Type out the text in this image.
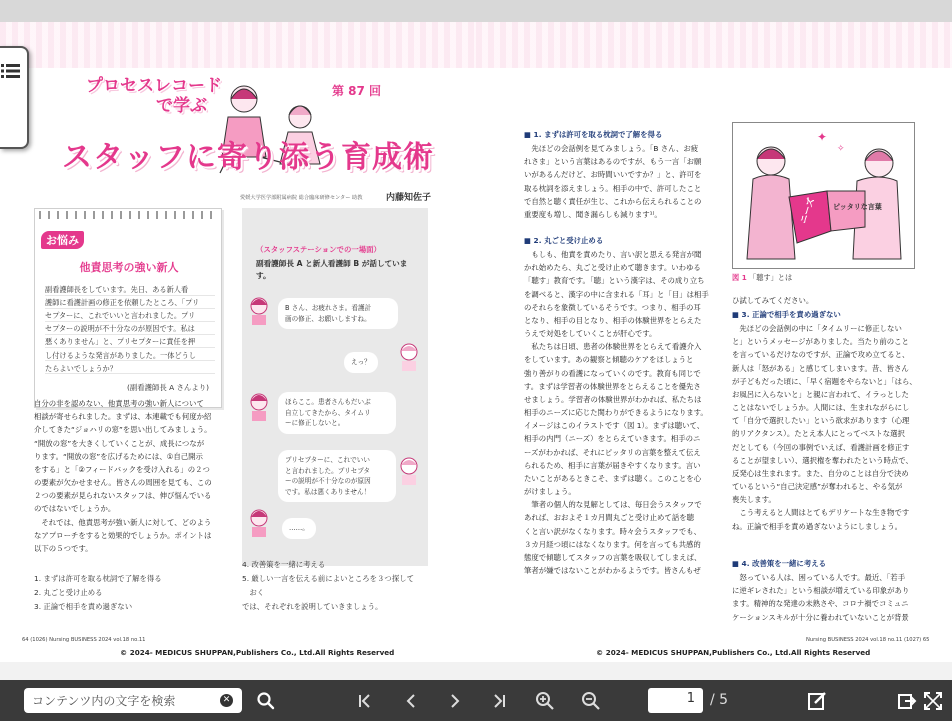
プロセスレコード
で学ぶ
第 87 回
スタッフに寄り添う育成術
愛媛大学医学部附属病院 総合臨床研修センター 助教	内藤知佐子
お悩み
他責思考の強い新人
副看護師長をしています。先日、ある新人看
護師に看護計画の修正を依頼したところ、「プリ
セプターに、これでいいと言われました。プリ
セプターの説明が不十分なのが原因です。私は
悪くありません」と、プリセプターに責任を押
し付けるような発言がありました。一体どうし
たらよいでしょうか？
(副看護師長 A さんより)
（スタッフステーションでの一場面）
副看護師長 A と新人看護師 B が話していま す。
B さん、お疲れさま。看護計
画の修正、お願いしますね。
えっ？
ほらここ。患者さんもだいぶ
自立してきたから、タイムリ
ーに修正しないと。
プリセプターに、これでいい
と言われました。プリセプタ
ーの説明が不十分なのが原因
です。私は悪くありません！
……。
自分の非を認めない、他責思考の強い新人について
相談が寄せられました。まずは、本連載でも何度か紹
介してきた“ジョハリの窓”を思い出してみましょう。
“開放の窓”を大きくしていくことが、成長につなが
ります。“開放の窓”を広げるためには、①自己開示
をする」と「②フィードバックを受け入れる」の２つ
の要素が欠かせません。皆さんの周囲を見ても、この
２つの要素が見られないスタッフは、伸び悩んでいる
のではないでしょうか。
　それでは、他責思考が強い新人に対して、どのよう
なアプローチをすると効果的でしょうか。ポイントは
以下の５つです。
1. まずは許可を取る枕詞で了解を得る
2. 丸ごと受け止める
3. 正論で相手を責め過ぎない
4. 改善策を一緒に考える
5. 厳しい一言を伝える前によいところを３つ探して
　おく
では、それぞれを説明していきましょう。
64 (1026) Nursing BUSINESS 2024 vol.18 no.11
© 2024- MEDICUS SHUPPAN,Publishers Co., Ltd.All Rights Reserved
■ 1. まずは許可を取る枕詞で了解を得る
　先ほどの会話例を見てみましょう。「B さん、お疲
れさま」という言葉はあるのですが、もう一言「お願
いがあるんだけど、お時間いいですか？」と、許可を
取る枕詞を添えましょう。相手の中で、許可したこと
で自然と聴く責任が生じ、これから伝えられることの
重要度も増し、聞き漏らしも減ります¹⁾。
■ 2. 丸ごと受け止める
　もしも、他責を責めたり、言い訳と思える発言が聞
かれ始めたら、丸ごと受け止めて聴きます。いわゆる
「聴す」教育です。「聴」という漢字は、その成り立ち
を調べると、漢字の中に含まれる「耳」と「目」は相手
のそれらを象徴しているそうです。つまり、相手の耳
となり、相手の目となり、相手の体験世界をとらえた
うえで対処をしていくことが肝心です。
　私たちは日頃、患者の体験世界をとらえて看護介入
をしています。あの観察と傾聴のケアをほしょうと
強り善がりの看護になっていくのです。教育も同じで
す。まずは学習者の体験世界をとらえることを優先さ
せましょう。学習者の体験世界がわかれば、私たちは
相手のニーズに応じた関わりができるようになります。
イメージはこのイラストです（図 1）。まずは聴いて、
相手の内門（ニーズ）をとらえていきます。相手のニ
ーズがわかれば、それにピッタリの言葉を整えて伝え
られるため、相手に言葉が届きやすくなります。言い
たいことがあるときこそ、まずは聴く。このことを心
がけましょう。
　筆者の個人的な見解としては、毎日会うスタッフで
あれば、おおよそ１カ月間丸ごと受け止めて話を聴
くと言い訳がなくなります。時々会うスタッフでも、
３カ月経つ頃にはなくなります。何を言っても共感的
態度で傾聴してスタッフの言葉を吸収してしまえば、
筆者が嫌ではないことがわかるようです。皆さんもぜ
ニーズ ピッタリな言葉
✦
✧
図 1 「聴す」とは
ひ試してみてください。
■ 3. 正論で相手を責め過ぎない
　先ほどの会話例の中に「タイムリーに修正しない
と」というメッセージがありました。当たり前のこと
を言っているだけなのですが、正論で攻め立てると、
新人は「怒がある」と感じてしまいます。昔、皆さん
が子どもだった頃に、「早く宿題をやらないと」「はら、
お風呂に入らないと」と親に言われて、イラっとした
ことはないでしょうか。人間には、生まれながらにし
て「自分で選択したい」という欲求があります（心理
的リアクタンス）。たとえ本人にとってベストな選択
だとしても（今回の事例でいえば、看護計画を修正す
ることが望ましい）、選択権を奪われたという時点で、
反発心は生まれます。また、自分のことは自分で決め
ているという“自己決定感”が奪われると、やる気が
喪失します。
　こう考えると人間はとてもデリケートな生き物です
ね。正論で相手を責め過ぎないようにしましょう。
■ 4. 改善策を一緒に考える
　怒っている人は、困っている人です。最近、「若手
に逆ギレされた」という相談が増えている印象があり
ます。精神的な発達の未熟さや、コロナ禍でコミュニ
ケーションスキルが十分に養われていないことが背景
Nursing BUSINESS 2024 vol.18 no.11 (1027) 65
© 2024- MEDICUS SHUPPAN,Publishers Co., Ltd.All Rights Reserved
コンテンツ内の文字を検索
✕	1	/ 5
